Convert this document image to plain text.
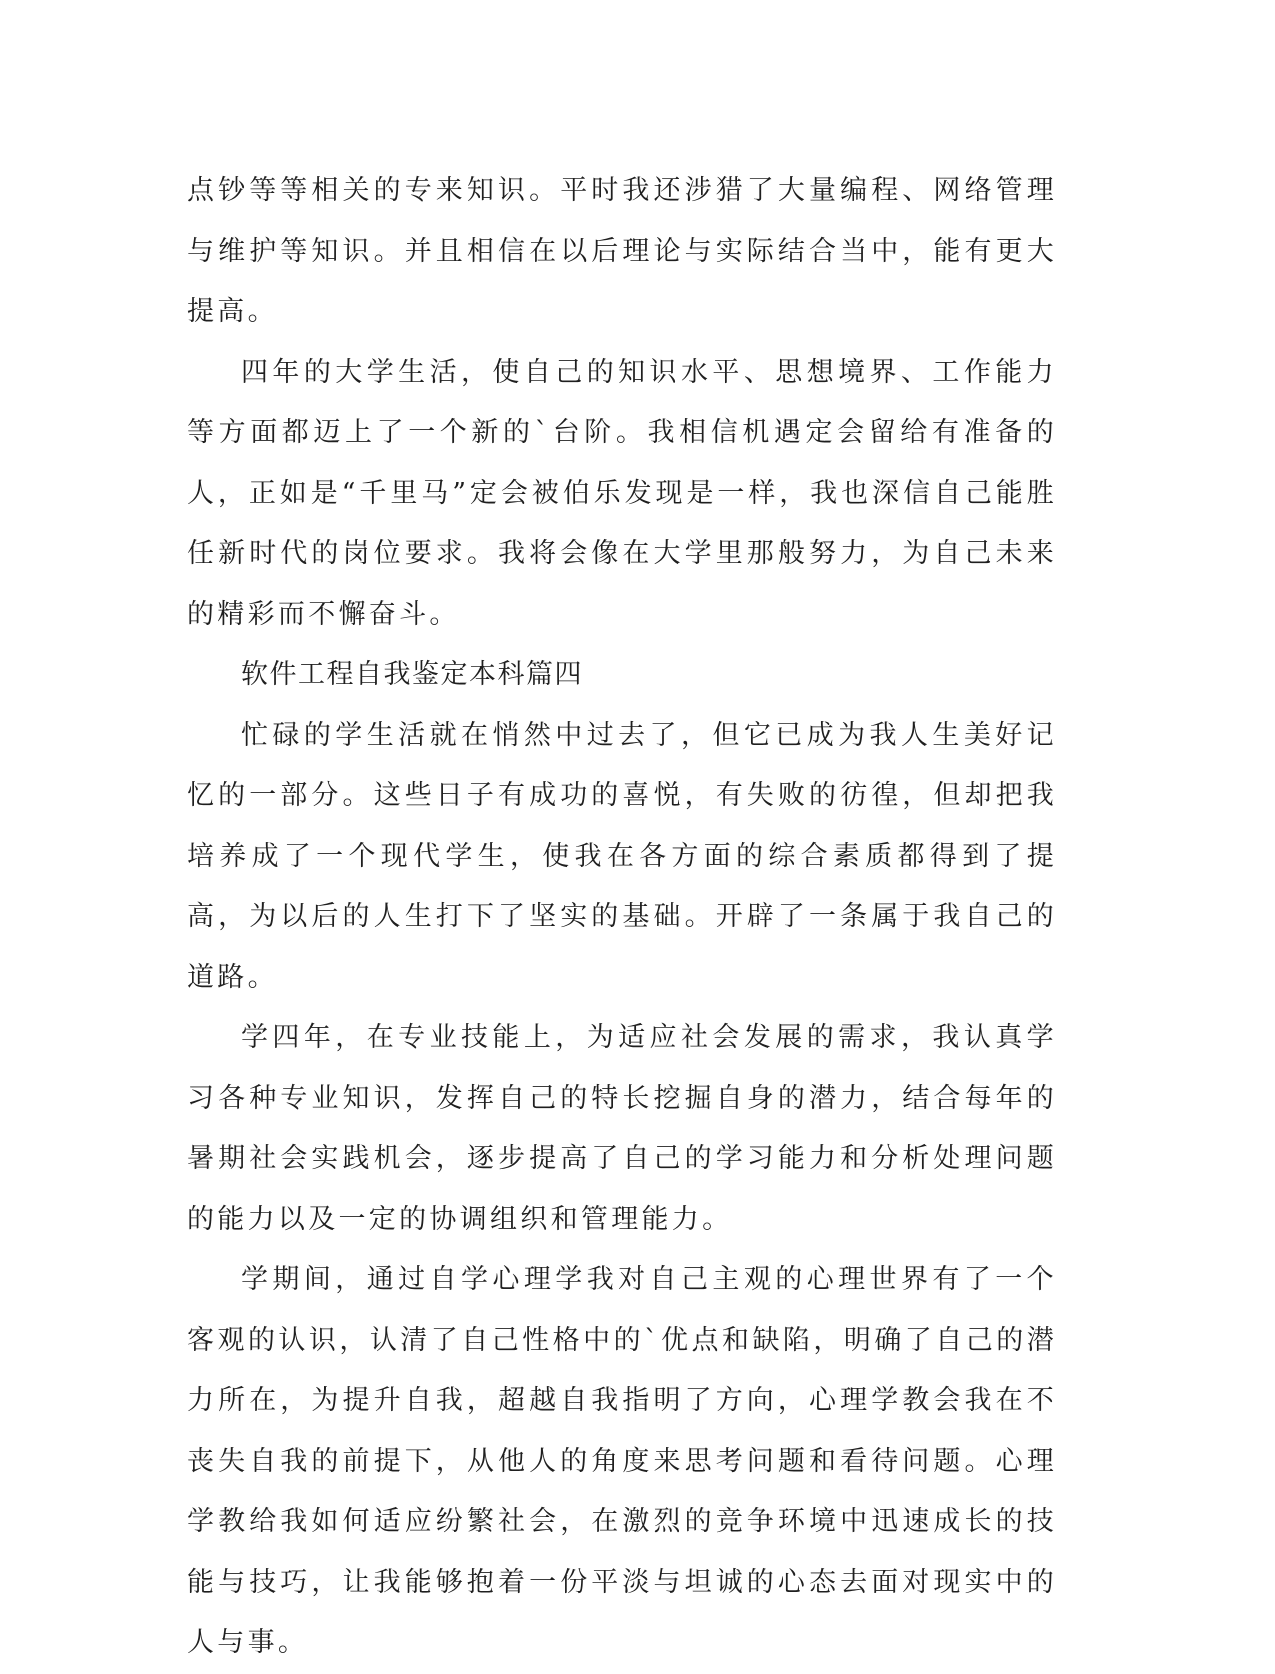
点钞等等相关的专来知识。平时我还涉猎了大量编程、网络管理与维护等知识。并且相信在以后理论与实际结合当中，能有更大提高。

四年的大学生活，使自己的知识水平、思想境界、工作能力等方面都迈上了一个新的`台阶。我相信机遇定会留给有准备的人，正如是“千里马”定会被伯乐发现是一样，我也深信自己能胜任新时代的岗位要求。我将会像在大学里那般努力，为自己未来的精彩而不懈奋斗。

软件工程自我鉴定本科篇四

忙碌的学生活就在悄然中过去了，但它已成为我人生美好记忆的一部分。这些日子有成功的喜悦，有失败的彷徨，但却把我培养成了一个现代学生，使我在各方面的综合素质都得到了提高，为以后的人生打下了坚实的基础。开辟了一条属于我自己的道路。

学四年，在专业技能上，为适应社会发展的需求，我认真学习各种专业知识，发挥自己的特长挖掘自身的潜力，结合每年的暑期社会实践机会，逐步提高了自己的学习能力和分析处理问题的能力以及一定的协调组织和管理能力。

学期间，通过自学心理学我对自己主观的心理世界有了一个客观的认识，认清了自己性格中的`优点和缺陷，明确了自己的潜力所在，为提升自我，超越自我指明了方向，心理学教会我在不丧失自我的前提下，从他人的角度来思考问题和看待问题。心理学教给我如何适应纷繁社会，在激烈的竞争环境中迅速成长的技能与技巧，让我能够抱着一份平淡与坦诚的心态去面对现实中的人与事。
